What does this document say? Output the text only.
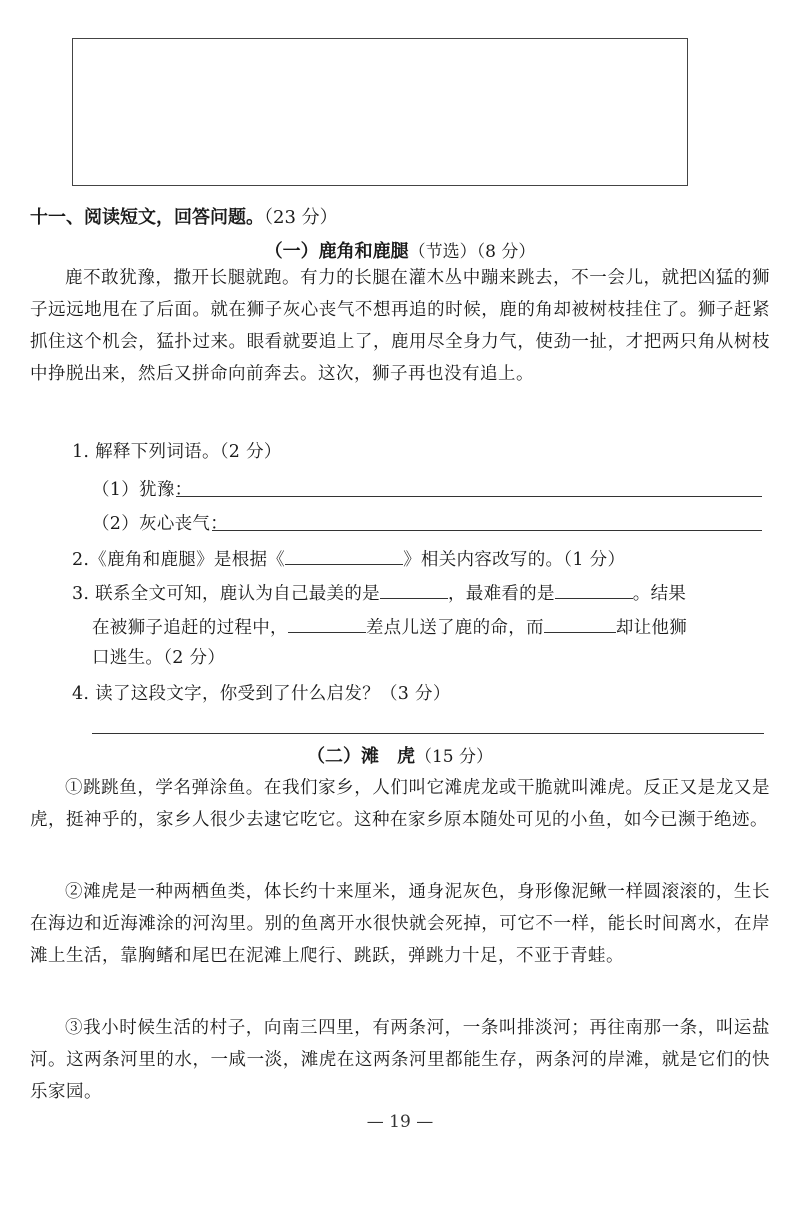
十一、阅读短文，回答问题。（23 分）
（一）鹿角和鹿腿（节选）（8 分）
鹿不敢犹豫，撒开长腿就跑。有力的长腿在灌木丛中蹦来跳去，不一会儿，就把凶猛的狮子远远地甩在了后面。就在狮子灰心丧气不想再追的时候，鹿的角却被树枝挂住了。狮子赶紧抓住这个机会，猛扑过来。眼看就要追上了，鹿用尽全身力气，使劲一扯，才把两只角从树枝中挣脱出来，然后又拼命向前奔去。这次，狮子再也没有追上。
1. 解释下列词语。（2 分）
（1）犹豫：
（2）灰心丧气：
2.《鹿角和鹿腿》是根据《	》相关内容改写的。（1 分）
3. 联系全文可知，鹿认为自己最美的是	，最难看的是	。结果
在被狮子追赶的过程中，	差点儿送了鹿的命，而	却让他狮
口逃生。（2 分）
4. 读了这段文字，你受到了什么启发？（3 分）
（二）滩　虎（15 分）
①跳跳鱼，学名弹涂鱼。在我们家乡，人们叫它滩虎龙或干脆就叫滩虎。反正又是龙又是虎，挺神乎的，家乡人很少去逮它吃它。这种在家乡原本随处可见的小鱼，如今已濒于绝迹。
②滩虎是一种两栖鱼类，体长约十来厘米，通身泥灰色，身形像泥鳅一样圆滚滚的，生长在海边和近海滩涂的河沟里。别的鱼离开水很快就会死掉，可它不一样，能长时间离水，在岸滩上生活，靠胸鳍和尾巴在泥滩上爬行、跳跃，弹跳力十足，不亚于青蛙。
③我小时候生活的村子，向南三四里，有两条河，一条叫排淡河；再往南那一条，叫运盐河。这两条河里的水，一咸一淡，滩虎在这两条河里都能生存，两条河的岸滩，就是它们的快乐家园。
— 19 —
